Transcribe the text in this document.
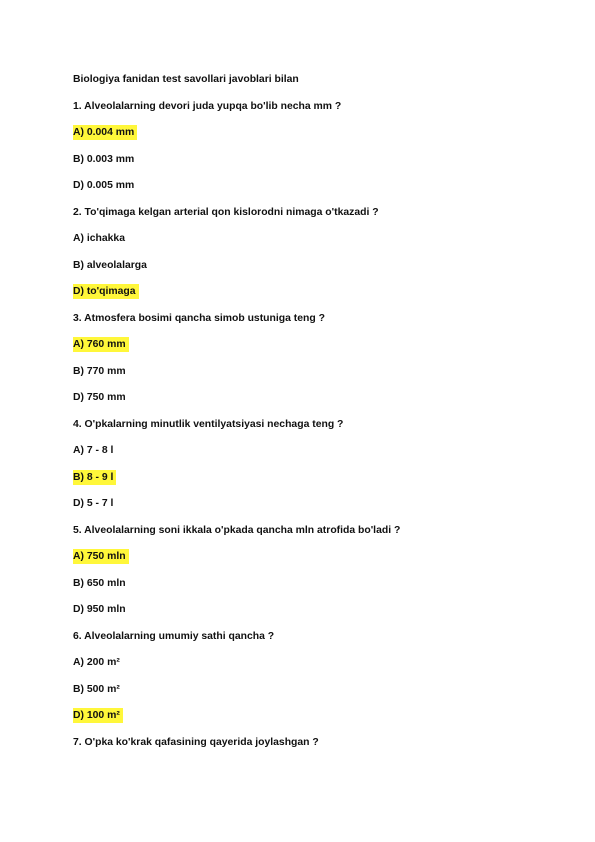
Biologiya fanidan test savollari javoblari bilan
1. Alveolalarning devori juda yupqa bo'lib necha mm ?
A) 0.004 mm
B) 0.003 mm
D) 0.005 mm
2. To'qimaga kelgan arterial qon kislorodni nimaga o'tkazadi ?
A) ichakka
B) alveolalarga
D) to'qimaga
3. Atmosfera bosimi qancha simob ustuniga teng ?
A) 760 mm
B) 770 mm
D) 750 mm
4. O'pkalarning minutlik ventilyatsiyasi nechaga teng ?
A) 7 - 8 l
B) 8 - 9 l
D) 5 - 7 l
5. Alveolalarning soni ikkala o'pkada qancha mln atrofida bo'ladi ?
A) 750 mln
B) 650 mln
D) 950 mln
6. Alveolalarning umumiy sathi qancha ?
A) 200 m²
B) 500 m²
D) 100 m²
7. O'pka ko'krak qafasining qayerida joylashgan ?
